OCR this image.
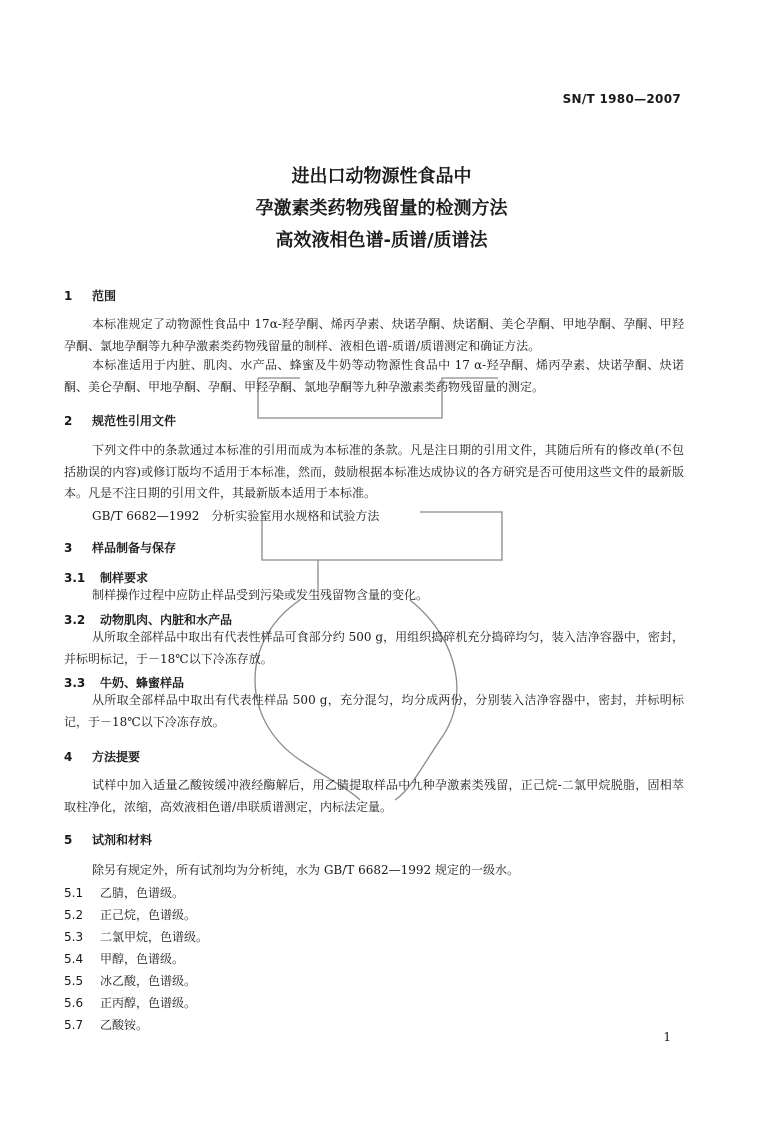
SN/T 1980—2007
进出口动物源性食品中
孕激素类药物残留量的检测方法
高效液相色谱-质谱/质谱法
1 范围
本标准规定了动物源性食品中 17α-羟孕酮、烯丙孕素、炔诺孕酮、炔诺酮、美仑孕酮、甲地孕酮、孕酮、甲羟孕酮、氯地孕酮等九种孕激素类药物残留量的制样、液相色谱-质谱/质谱测定和确证方法。
本标准适用于内脏、肌肉、水产品、蜂蜜及牛奶等动物源性食品中 17 α-羟孕酮、烯丙孕素、炔诺孕酮、炔诺酮、美仑孕酮、甲地孕酮、孕酮、甲羟孕酮、氯地孕酮等九种孕激素类药物残留量的测定。
2 规范性引用文件
下列文件中的条款通过本标准的引用而成为本标准的条款。凡是注日期的引用文件，其随后所有的修改单(不包括勘误的内容)或修订版均不适用于本标准，然而，鼓励根据本标准达成协议的各方研究是否可使用这些文件的最新版本。凡是不注日期的引用文件，其最新版本适用于本标准。
GB/T 6682—1992　分析实验室用水规格和试验方法
3 样品制备与保存
3.1 制样要求
制样操作过程中应防止样品受到污染或发生残留物含量的变化。
3.2 动物肌肉、内脏和水产品
从所取全部样品中取出有代表性样品可食部分约 500 g，用组织捣碎机充分捣碎均匀，装入洁净容器中，密封，并标明标记，于－18℃以下冷冻存放。
3.3 牛奶、蜂蜜样品
从所取全部样品中取出有代表性样品 500 g，充分混匀，均分成两份，分别装入洁净容器中，密封，并标明标记，于－18℃以下冷冻存放。
4 方法提要
试样中加入适量乙酸铵缓冲液经酶解后，用乙腈提取样品中九种孕激素类残留，正己烷-二氯甲烷脱脂，固相萃取柱净化，浓缩，高效液相色谱/串联质谱测定，内标法定量。
5 试剂和材料
除另有规定外，所有试剂均为分析纯，水为 GB/T 6682—1992 规定的一级水。
5.1 乙腈，色谱级。
5.2 正己烷，色谱级。
5.3 二氯甲烷，色谱级。
5.4 甲醇，色谱级。
5.5 冰乙酸，色谱级。
5.6 正丙醇，色谱级。
5.7 乙酸铵。
1
